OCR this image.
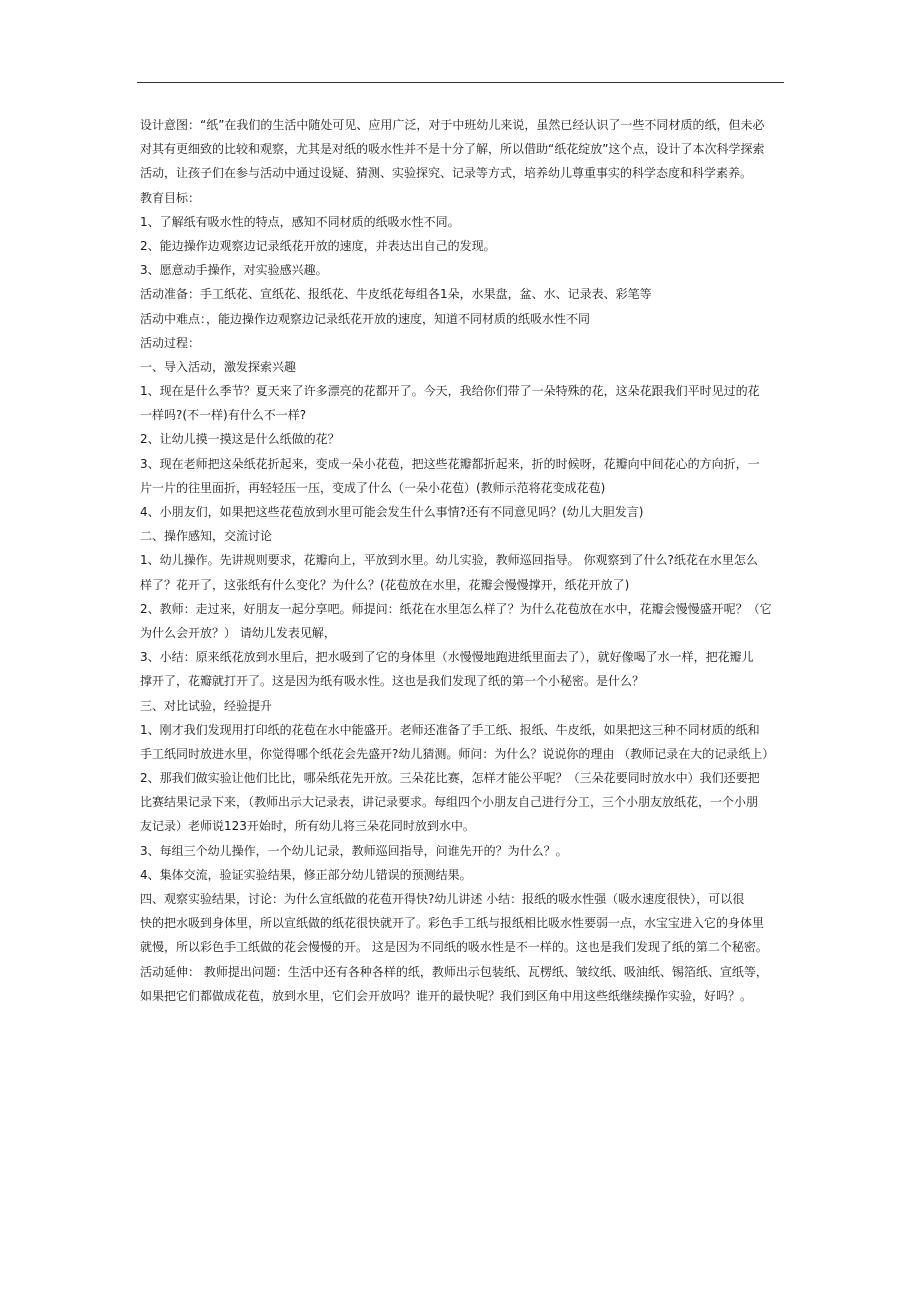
设计意图：“纸”在我们的生活中随处可见、应用广泛，对于中班幼儿来说，虽然已经认识了一些不同材质的纸，但未必
对其有更细致的比较和观察，尤其是对纸的吸水性并不是十分了解，所以借助“纸花绽放”这个点，设计了本次科学探索
活动，让孩子们在参与活动中通过设疑、猜测、实验探究、记录等方式，培养幼儿尊重事实的科学态度和科学素养。
教育目标：
1、了解纸有吸水性的特点，感知不同材质的纸吸水性不同。
2、能边操作边观察边记录纸花开放的速度，并表达出自己的发现。
3、愿意动手操作，对实验感兴趣。
活动准备：手工纸花、宣纸花、报纸花、牛皮纸花每组各1朵，水果盘，盆、水、记录表、彩笔等
活动中难点：，能边操作边观察边记录纸花开放的速度，知道不同材质的纸吸水性不同
活动过程：
一、导入活动，激发探索兴趣
1、现在是什么季节？夏天来了许多漂亮的花都开了。今天，我给你们带了一朵特殊的花，这朵花跟我们平时见过的花
一样吗?(不一样)有什么不一样?
2、让幼儿摸一摸这是什么纸做的花？
3、现在老师把这朵纸花折起来，变成一朵小花苞，把这些花瓣都折起来，折的时候呀，花瓣向中间花心的方向折，一
片一片的往里面折，再轻轻压一压，变成了什么（一朵小花苞）(教师示范将花变成花苞)
4、小朋友们，如果把这些花苞放到水里可能会发生什么事情?还有不同意见吗？(幼儿大胆发言)
二、操作感知，交流讨论
1、幼儿操作。先讲规则要求，花瓣向上，平放到水里。幼儿实验，教师巡回指导。 你观察到了什么?纸花在水里怎么
样了？花开了，这张纸有什么变化？为什么？(花苞放在水里，花瓣会慢慢撑开，纸花开放了)
2、教师：走过来，好朋友一起分享吧。师提问：纸花在水里怎么样了？为什么花苞放在水中，花瓣会慢慢盛开呢？（它
为什么会开放？） 请幼儿发表见解，
3、小结：原来纸花放到水里后，把水吸到了它的身体里（水慢慢地跑进纸里面去了），就好像喝了水一样，把花瓣儿
撑开了，花瓣就打开了。这是因为纸有吸水性。这也是我们发现了纸的第一个小秘密。是什么？
三、对比试验，经验提升
1、刚才我们发现用打印纸的花苞在水中能盛开。老师还准备了手工纸、报纸、牛皮纸，如果把这三种不同材质的纸和
手工纸同时放进水里，你觉得哪个纸花会先盛开?幼儿猜测。师问：为什么？说说你的理由 （教师记录在大的记录纸上）
2、那我们做实验让他们比比，哪朵纸花先开放。三朵花比赛，怎样才能公平呢？（三朵花要同时放水中）我们还要把
比赛结果记录下来，（教师出示大记录表，讲记录要求。每组四个小朋友自己进行分工，三个小朋友放纸花，一个小朋
友记录）老师说123开始时，所有幼儿将三朵花同时放到水中。
3、每组三个幼儿操作，一个幼儿记录，教师巡回指导，问谁先开的？为什么？。
4、集体交流，验证实验结果，修正部分幼儿错误的预测结果。
四、观察实验结果，讨论：为什么宣纸做的花苞开得快?幼儿讲述 小结：报纸的吸水性强（吸水速度很快），可以很
快的把水吸到身体里，所以宣纸做的纸花很快就开了。彩色手工纸与报纸相比吸水性要弱一点，水宝宝进入它的身体里
就慢，所以彩色手工纸做的花会慢慢的开。 这是因为不同纸的吸水性是不一样的。这也是我们发现了纸的第二个秘密。
活动延伸： 教师提出问题：生活中还有各种各样的纸，教师出示包装纸、瓦楞纸、皱纹纸、吸油纸、锡箔纸、宣纸等，
如果把它们都做成花苞，放到水里，它们会开放吗？谁开的最快呢？我们到区角中用这些纸继续操作实验，好吗？。
